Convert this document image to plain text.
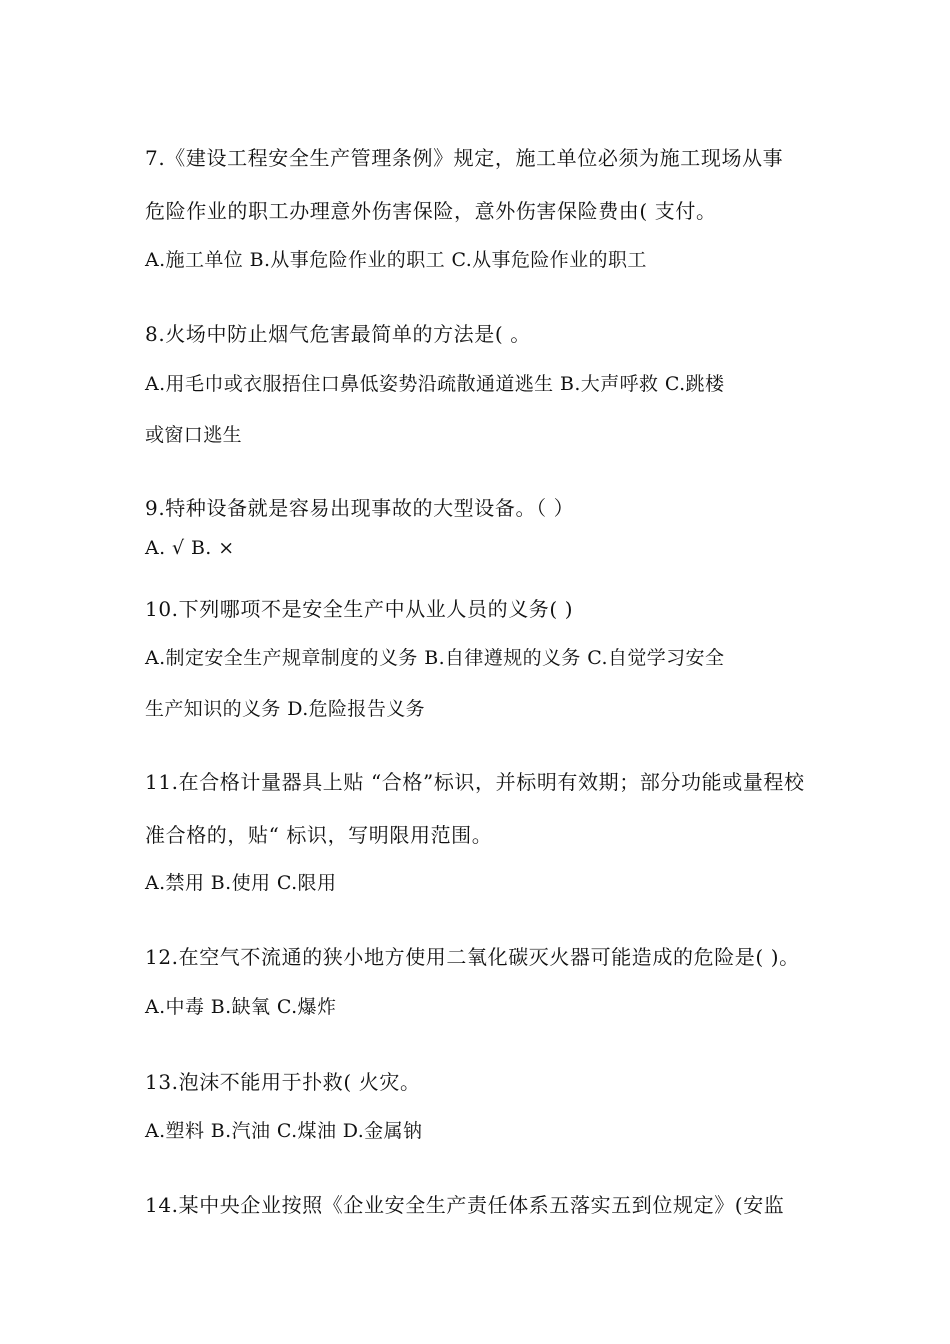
7.《建设工程安全生产管理条例》规定，施工单位必须为施工现场从事
危险作业的职工办理意外伤害保险，意外伤害保险费由( 支付。
A.施工单位 B.从事危险作业的职工 C.从事危险作业的职工
8.火场中防止烟气危害最简单的方法是( 。
A.用毛巾或衣服捂住口鼻低姿势沿疏散通道逃生 B.大声呼救 C.跳楼
或窗口逃生
9.特种设备就是容易出现事故的大型设备。（ ）
A. √ B. ×
10.下列哪项不是安全生产中从业人员的义务( )
A.制定安全生产规章制度的义务 B.自律遵规的义务 C.自觉学习安全
生产知识的义务 D.危险报告义务
11.在合格计量器具上贴 “合格”标识，并标明有效期；部分功能或量程校
准合格的，贴“ 标识，写明限用范围。
A.禁用 B.使用 C.限用
12.在空气不流通的狭小地方使用二氧化碳灭火器可能造成的危险是( )。
A.中毒 B.缺氧 C.爆炸
13.泡沫不能用于扑救( 火灾。
A.塑料 B.汽油 C.煤油 D.金属钠
14.某中央企业按照《企业安全生产责任体系五落实五到位规定》(安监
